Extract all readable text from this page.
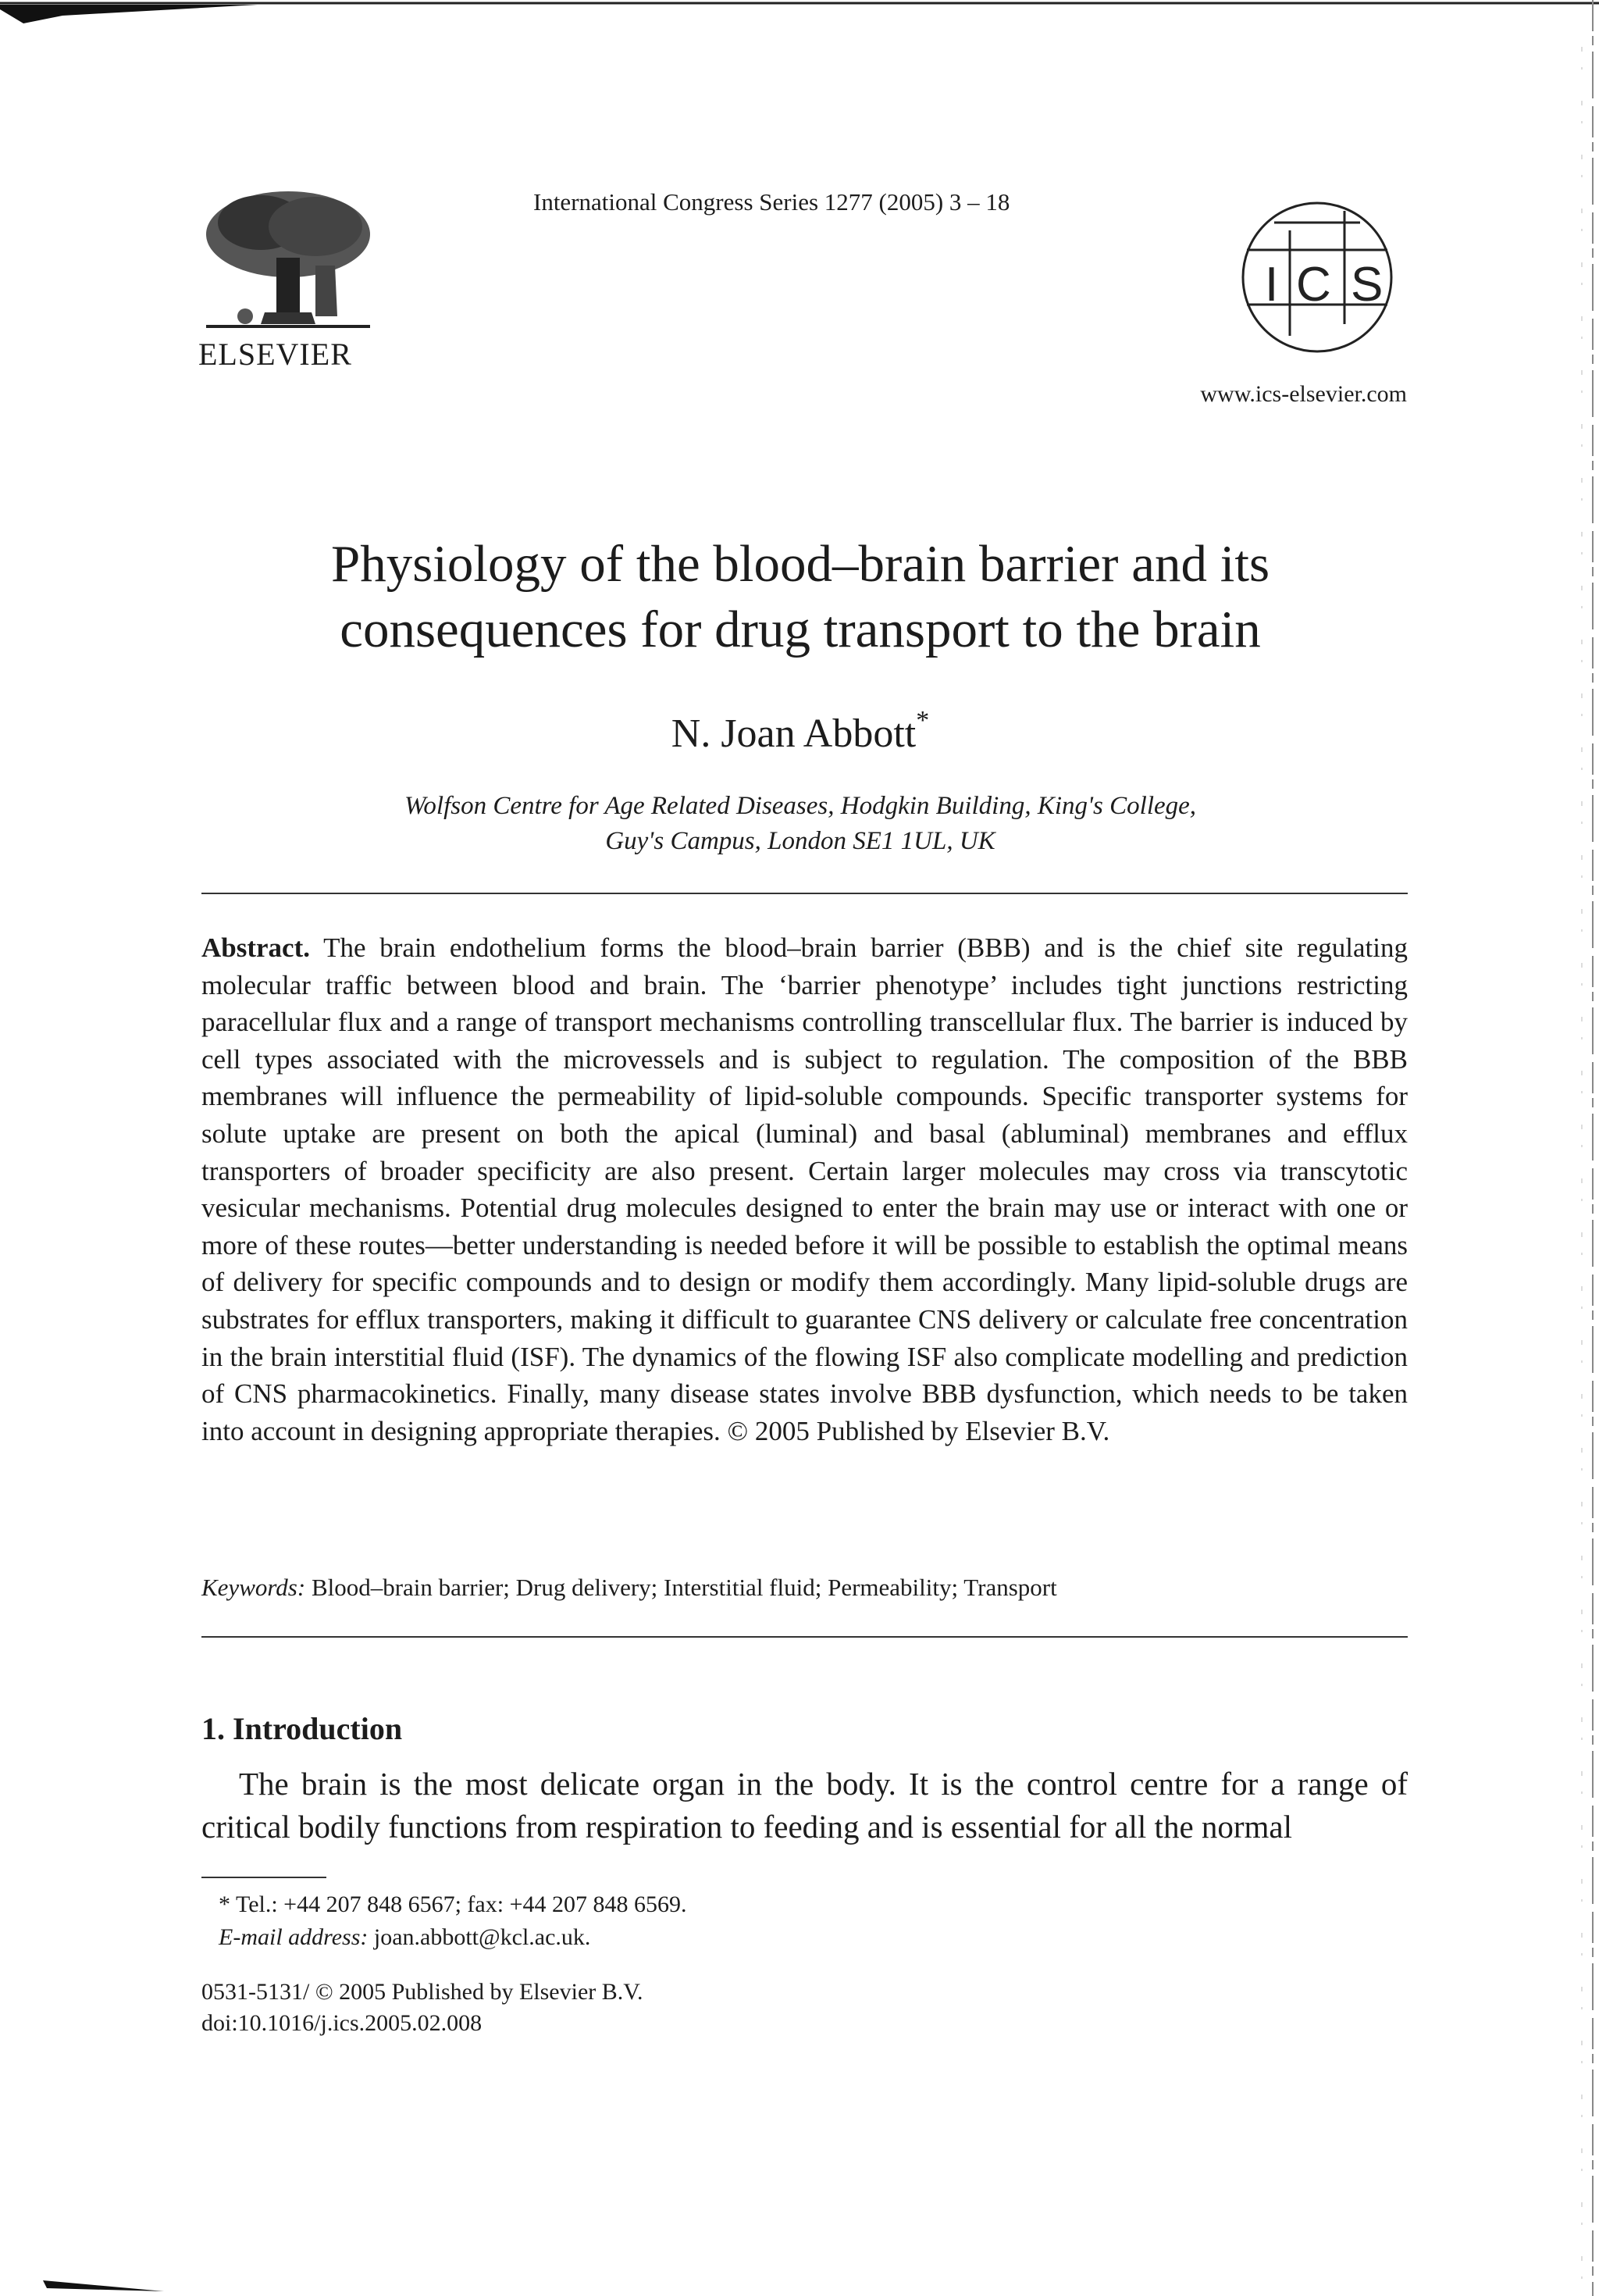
ELSEVIER
International Congress Series 1277 (2005) 3 – 18
I C S
www.ics-elsevier.com
Physiology of the blood–brain barrier and its
consequences for drug transport to the brain
N. Joan Abbott*
Wolfson Centre for Age Related Diseases, Hodgkin Building, King's College,
Guy's Campus, London SE1 1UL, UK
Abstract. The brain endothelium forms the blood–brain barrier (BBB) and is the chief site regulating molecular traffic between blood and brain. The ‘barrier phenotype’ includes tight junctions restricting paracellular flux and a range of transport mechanisms controlling transcellular flux. The barrier is induced by cell types associated with the microvessels and is subject to regulation. The composition of the BBB membranes will influence the permeability of lipid-soluble compounds. Specific transporter systems for solute uptake are present on both the apical (luminal) and basal (abluminal) membranes and efflux transporters of broader specificity are also present. Certain larger molecules may cross via transcytotic vesicular mechanisms. Potential drug molecules designed to enter the brain may use or interact with one or more of these routes—better understanding is needed before it will be possible to establish the optimal means of delivery for specific compounds and to design or modify them accordingly. Many lipid-soluble drugs are substrates for efflux transporters, making it difficult to guarantee CNS delivery or calculate free concentration in the brain interstitial fluid (ISF). The dynamics of the flowing ISF also complicate modelling and prediction of CNS pharmacokinetics. Finally, many disease states involve BBB dysfunction, which needs to be taken into account in designing appropriate therapies. © 2005 Published by Elsevier B.V.
Keywords: Blood–brain barrier; Drug delivery; Interstitial fluid; Permeability; Transport
1. Introduction
The brain is the most delicate organ in the body. It is the control centre for a range of critical bodily functions from respiration to feeding and is essential for all the normal
* Tel.: +44 207 848 6567; fax: +44 207 848 6569.
E-mail address: joan.abbott@kcl.ac.uk.
0531-5131/ © 2005 Published by Elsevier B.V.
doi:10.1016/j.ics.2005.02.008
